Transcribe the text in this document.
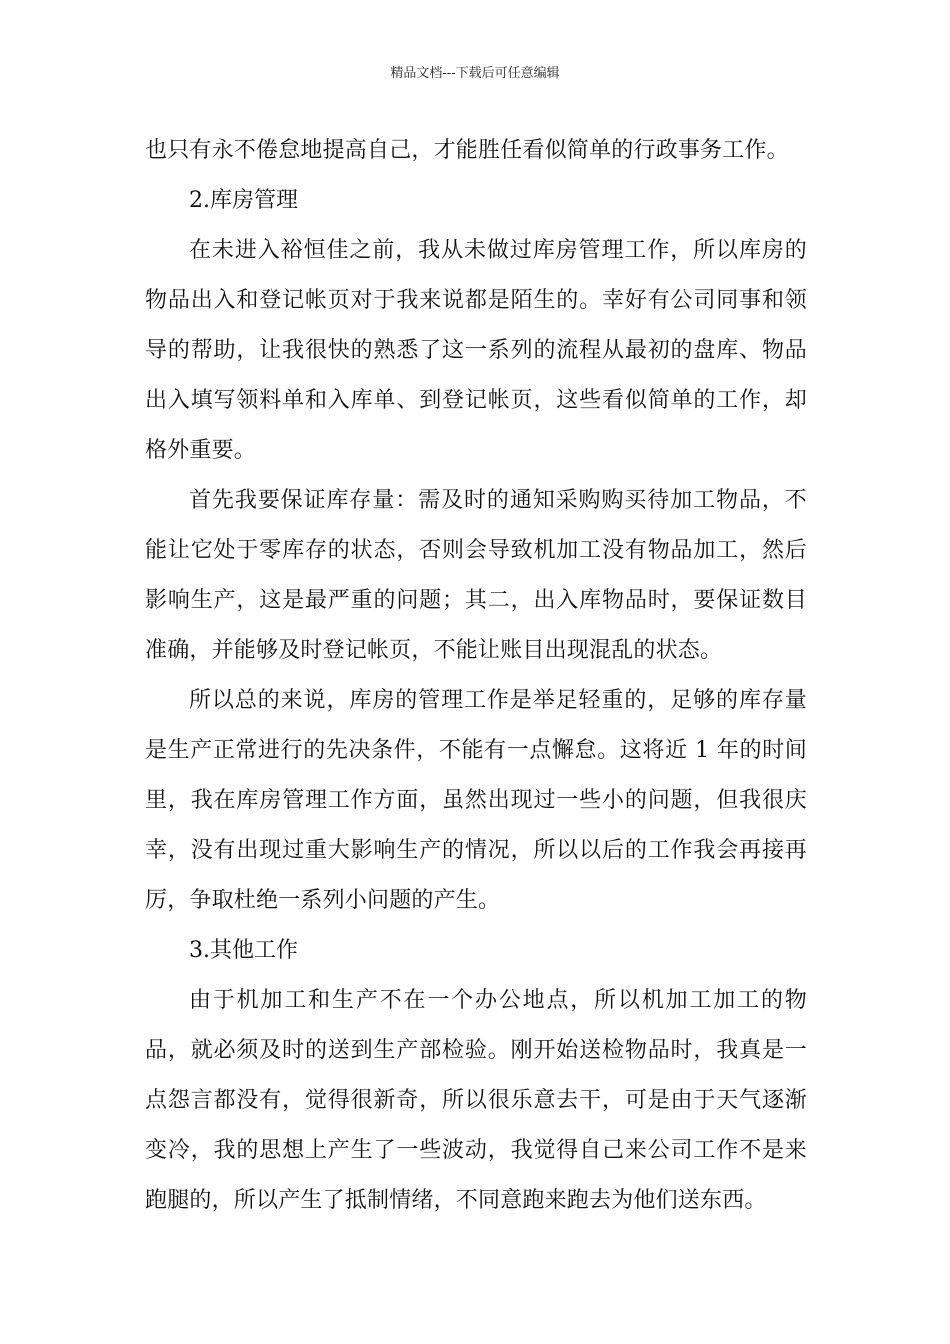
精品文档---下载后可任意编辑

也只有永不倦怠地提高自己，才能胜任看似简单的行政事务工作。

2.库房管理

在未进入裕恒佳之前，我从未做过库房管理工作，所以库房的物品出入和登记帐页对于我来说都是陌生的。幸好有公司同事和领导的帮助，让我很快的熟悉了这一系列的流程从最初的盘库、物品出入填写领料单和入库单、到登记帐页，这些看似简单的工作，却格外重要。

首先我要保证库存量：需及时的通知采购购买待加工物品，不能让它处于零库存的状态，否则会导致机加工没有物品加工，然后影响生产，这是最严重的问题；其二，出入库物品时，要保证数目准确，并能够及时登记帐页，不能让账目出现混乱的状态。

所以总的来说，库房的管理工作是举足轻重的，足够的库存量是生产正常进行的先决条件，不能有一点懈怠。这将近 1 年的时间里，我在库房管理工作方面，虽然出现过一些小的问题，但我很庆幸，没有出现过重大影响生产的情况，所以以后的工作我会再接再厉，争取杜绝一系列小问题的产生。

3.其他工作

由于机加工和生产不在一个办公地点，所以机加工加工的物品，就必须及时的送到生产部检验。刚开始送检物品时，我真是一点怨言都没有，觉得很新奇，所以很乐意去干，可是由于天气逐渐变冷，我的思想上产生了一些波动，我觉得自己来公司工作不是来跑腿的，所以产生了抵制情绪，不同意跑来跑去为他们送东西。
